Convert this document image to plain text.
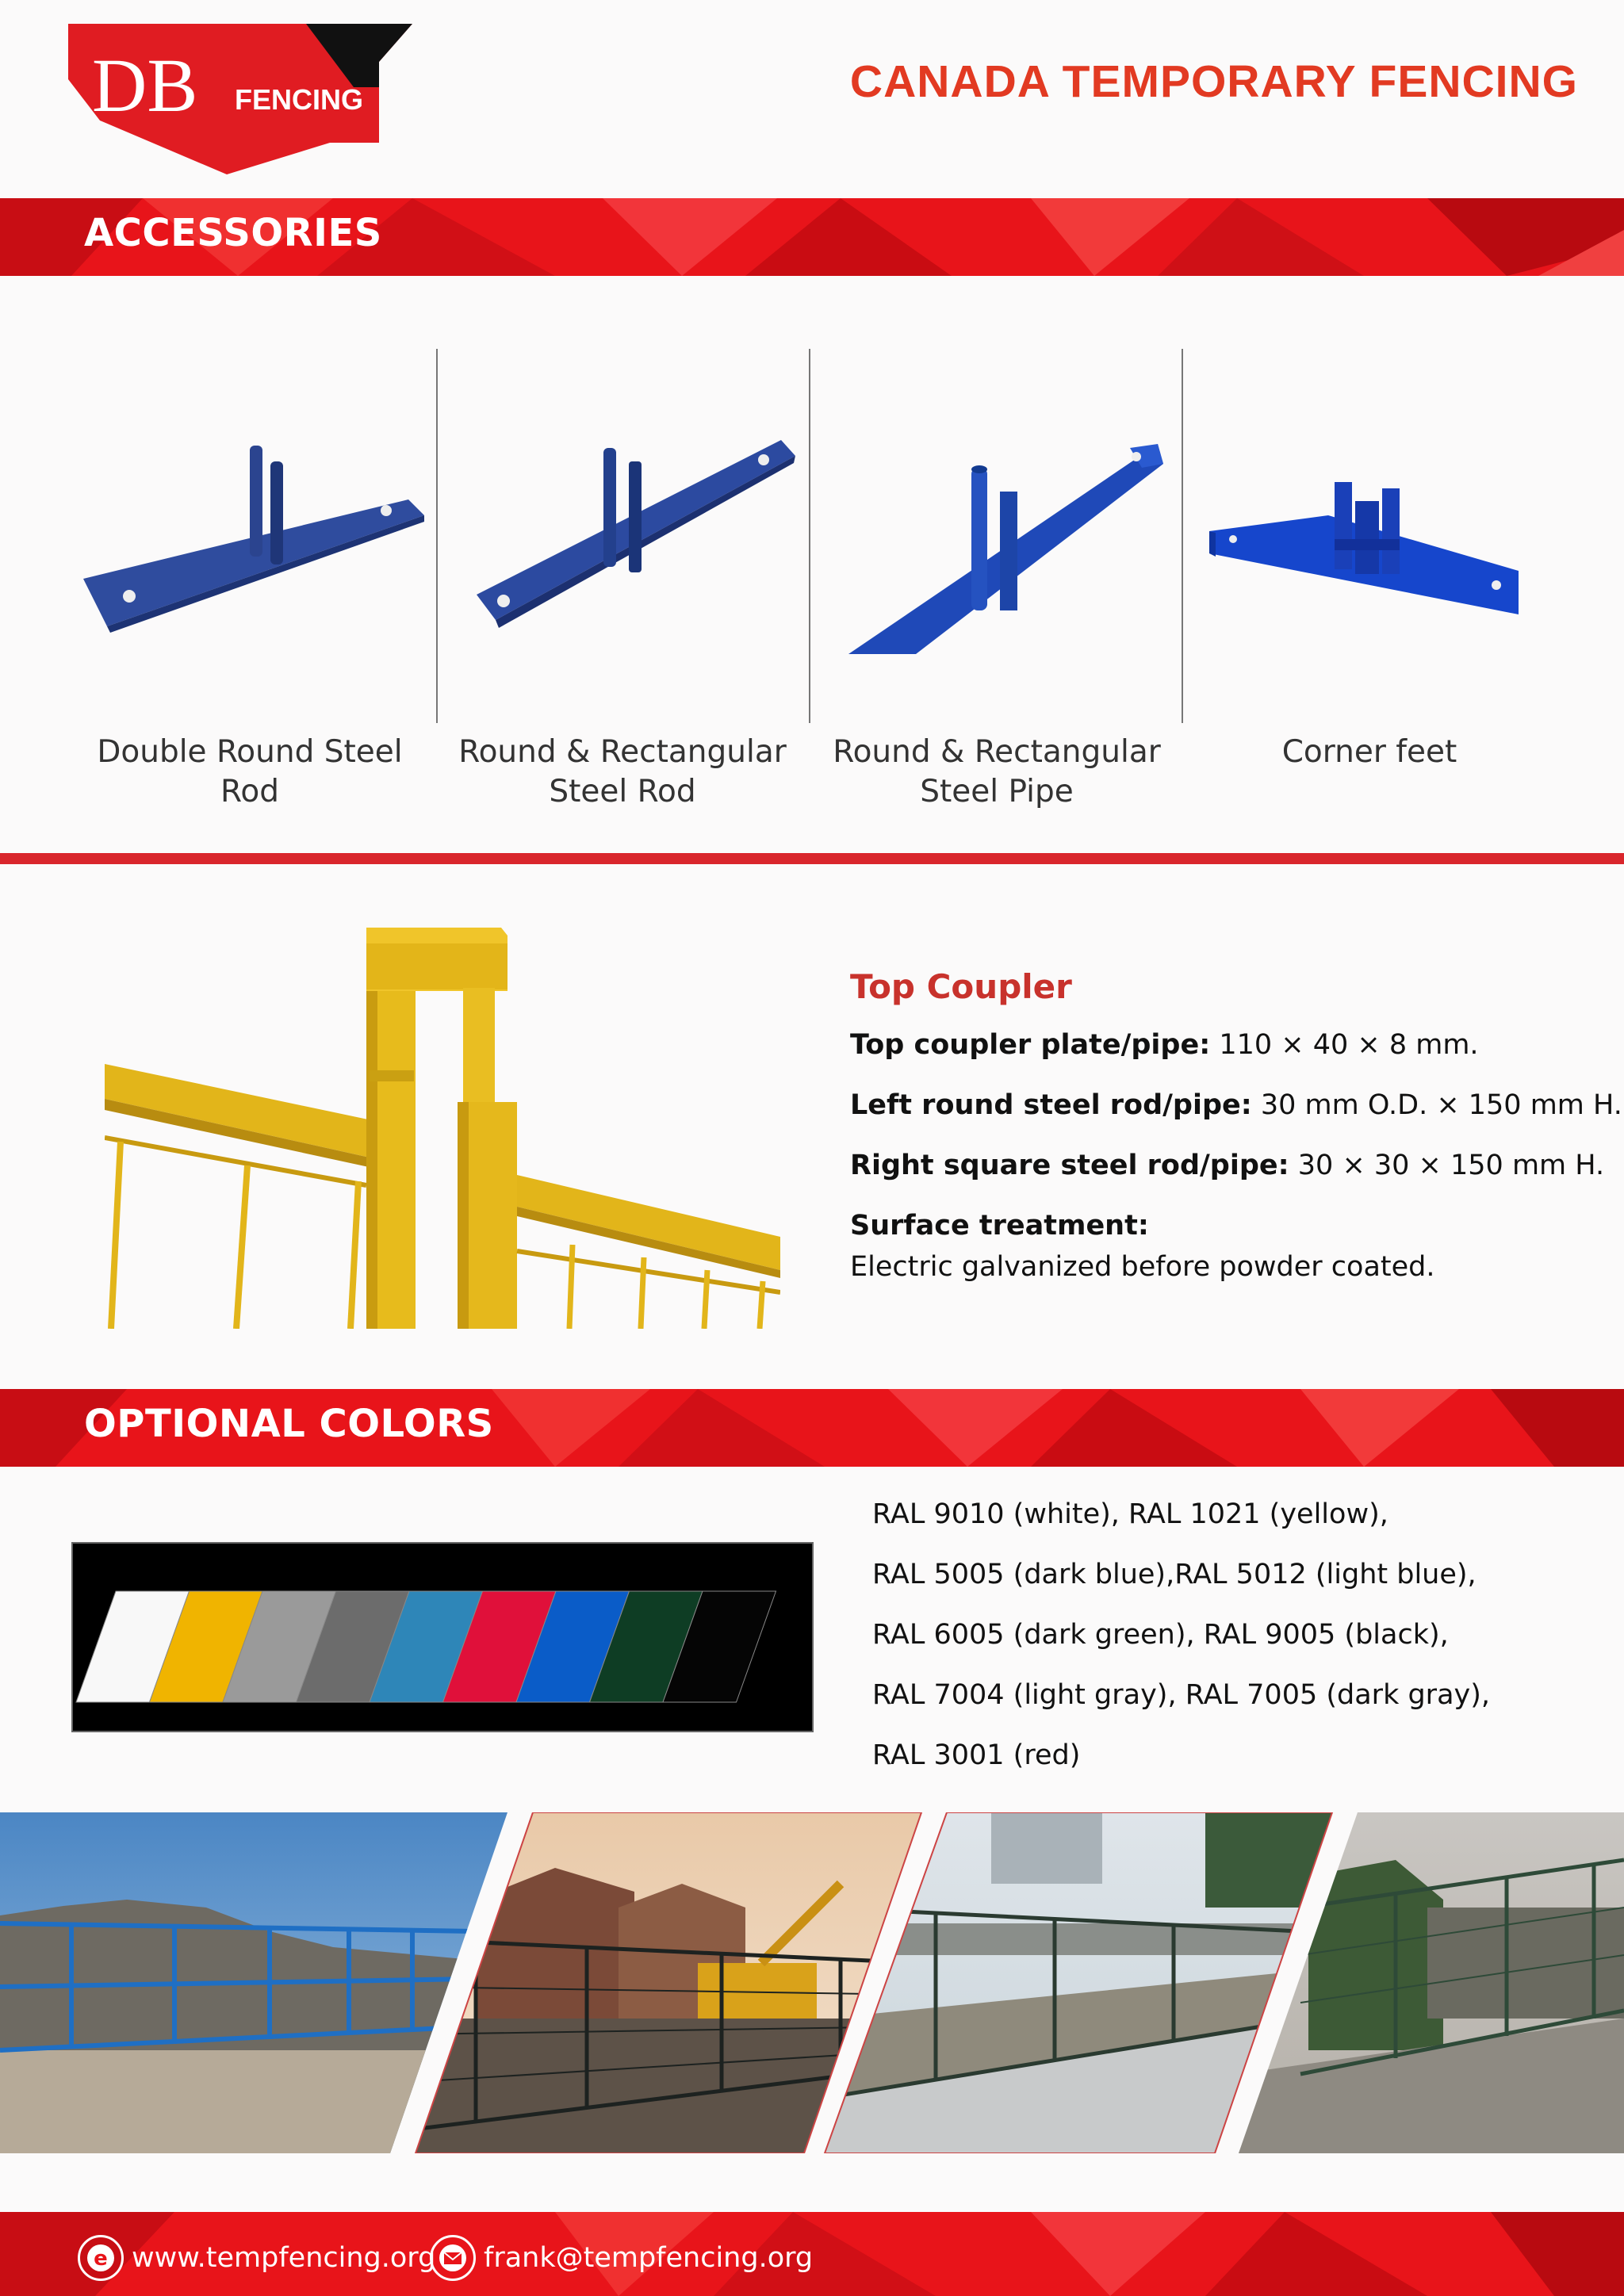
DB FENCING	CANADA TEMPORARY FENCING
ACCESSORIES
Double Round Steel Rod
Round & Rectangular
Steel Rod
Round & Rectangular
Steel Pipe
Corner feet
Top Coupler
Top coupler plate/pipe: 110 × 40 × 8 mm.
Left round steel rod/pipe: 30 mm O.D. × 150 mm H.
Right square steel rod/pipe: 30 × 30 × 150 mm H.
Surface treatment:
Electric galvanized before powder coated.
OPTIONAL COLORS
RAL 9010 (white), RAL 1021 (yellow),
RAL 5005 (dark blue),RAL 5012 (light blue),
RAL 6005 (dark green), RAL 9005 (black),
RAL 7004 (light gray), RAL 7005 (dark gray),
RAL 3001 (red)
e www.tempfencing.org frank@tempfencing.org
